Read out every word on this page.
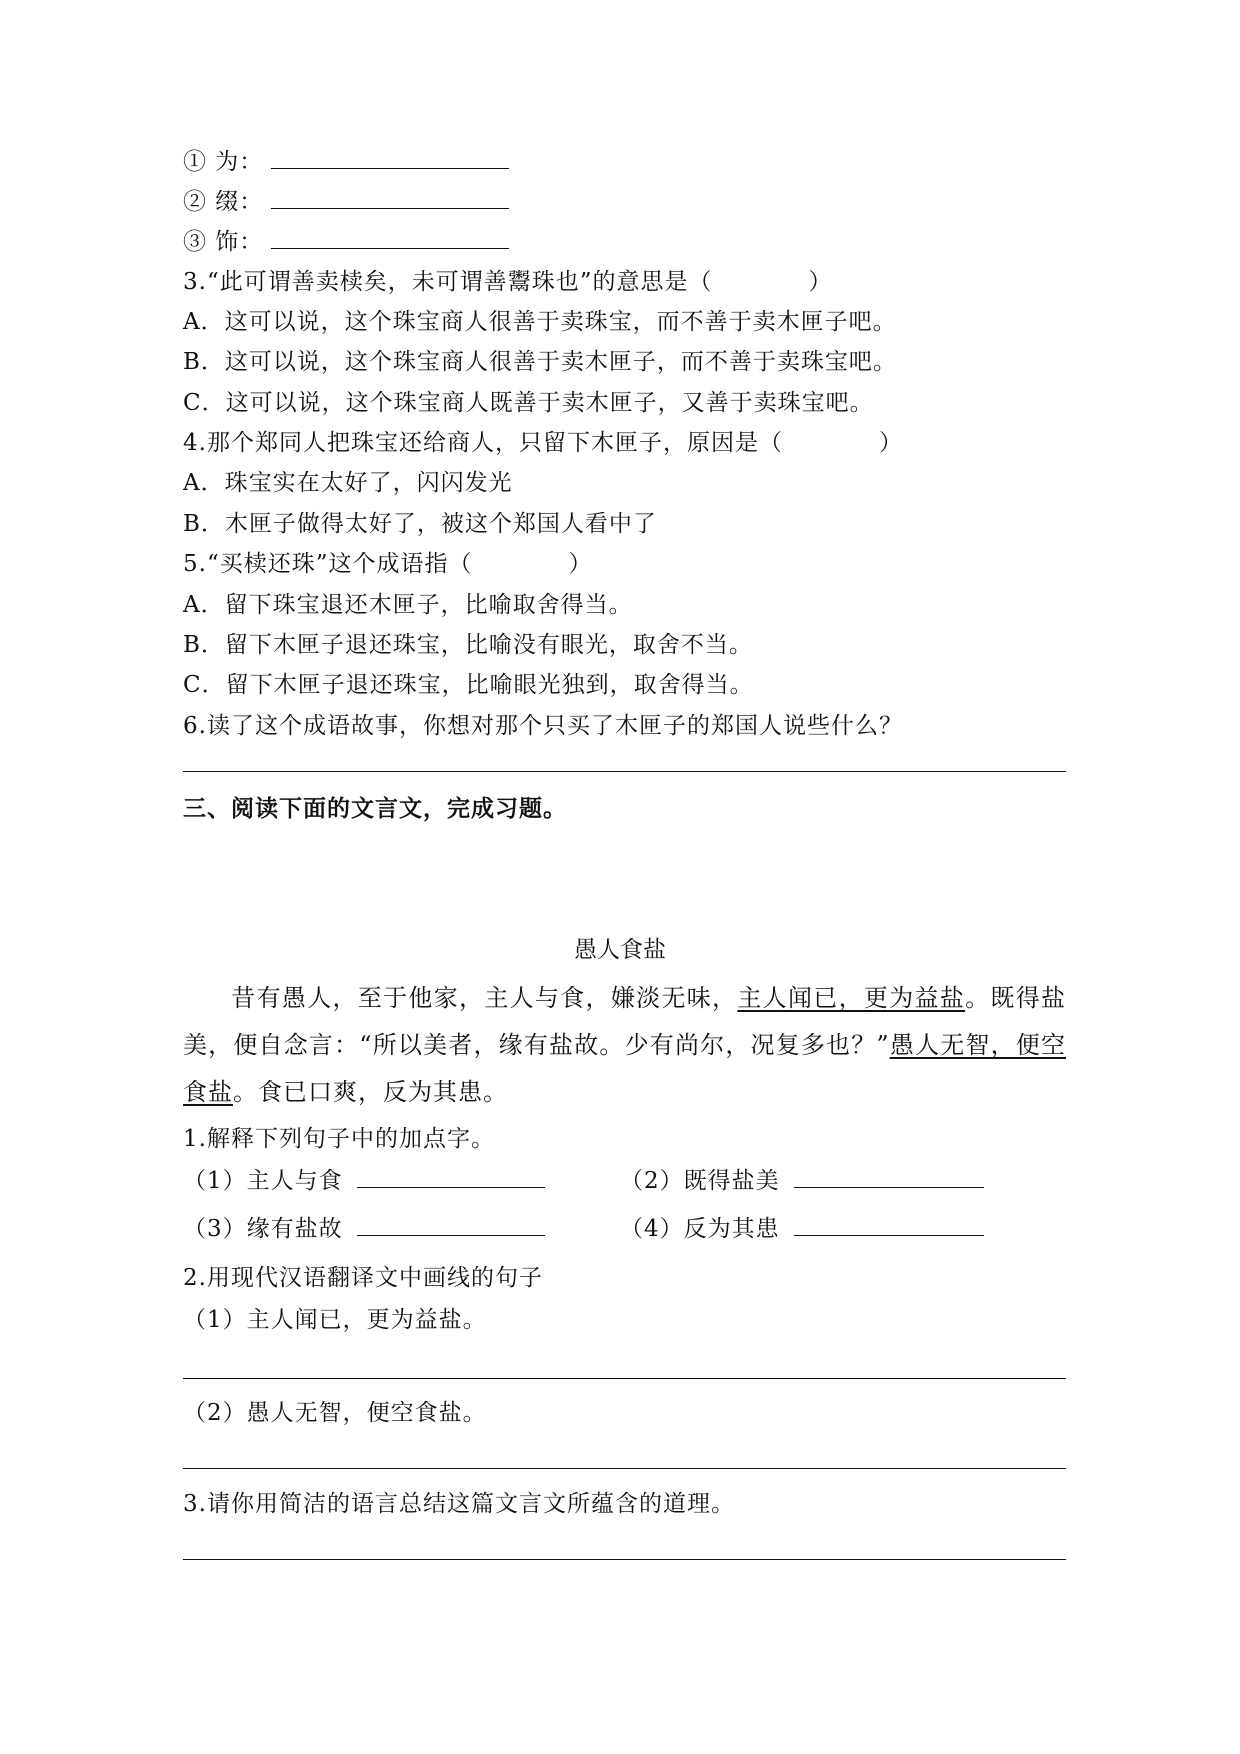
① 为：
② 缀：
③ 饰：
3.“此可谓善卖椟矣，未可谓善鬻珠也”的意思是（　　　　）
A．这可以说，这个珠宝商人很善于卖珠宝，而不善于卖木匣子吧。
B．这可以说，这个珠宝商人很善于卖木匣子，而不善于卖珠宝吧。
C．这可以说，这个珠宝商人既善于卖木匣子，又善于卖珠宝吧。
4.那个郑同人把珠宝还给商人，只留下木匣子，原因是（　　　　）
A．珠宝实在太好了，闪闪发光
B．木匣子做得太好了，被这个郑国人看中了
5.“买椟还珠”这个成语指（　　　　）
A．留下珠宝退还木匣子，比喻取舍得当。
B．留下木匣子退还珠宝，比喻没有眼光，取舍不当。
C．留下木匣子退还珠宝，比喻眼光独到，取舍得当。
6.读了这个成语故事，你想对那个只买了木匣子的郑国人说些什么？
三、阅读下面的文言文，完成习题。
愚人食盐
昔有愚人，至于他家，主人与食，嫌淡无味，主人闻已，更为益盐。既得盐美，便自念言：“所以美者，缘有盐故。少有尚尔，况复多也？”愚人无智，便空食盐。食已口爽，反为其患。
1.解释下列句子中的加点字。
（1）主人与食	（2）既得盐美
（3）缘有盐故	（4）反为其患
2.用现代汉语翻译文中画线的句子
（1）主人闻已，更为益盐。
（2）愚人无智，便空食盐。
3.请你用简洁的语言总结这篇文言文所蕴含的道理。
